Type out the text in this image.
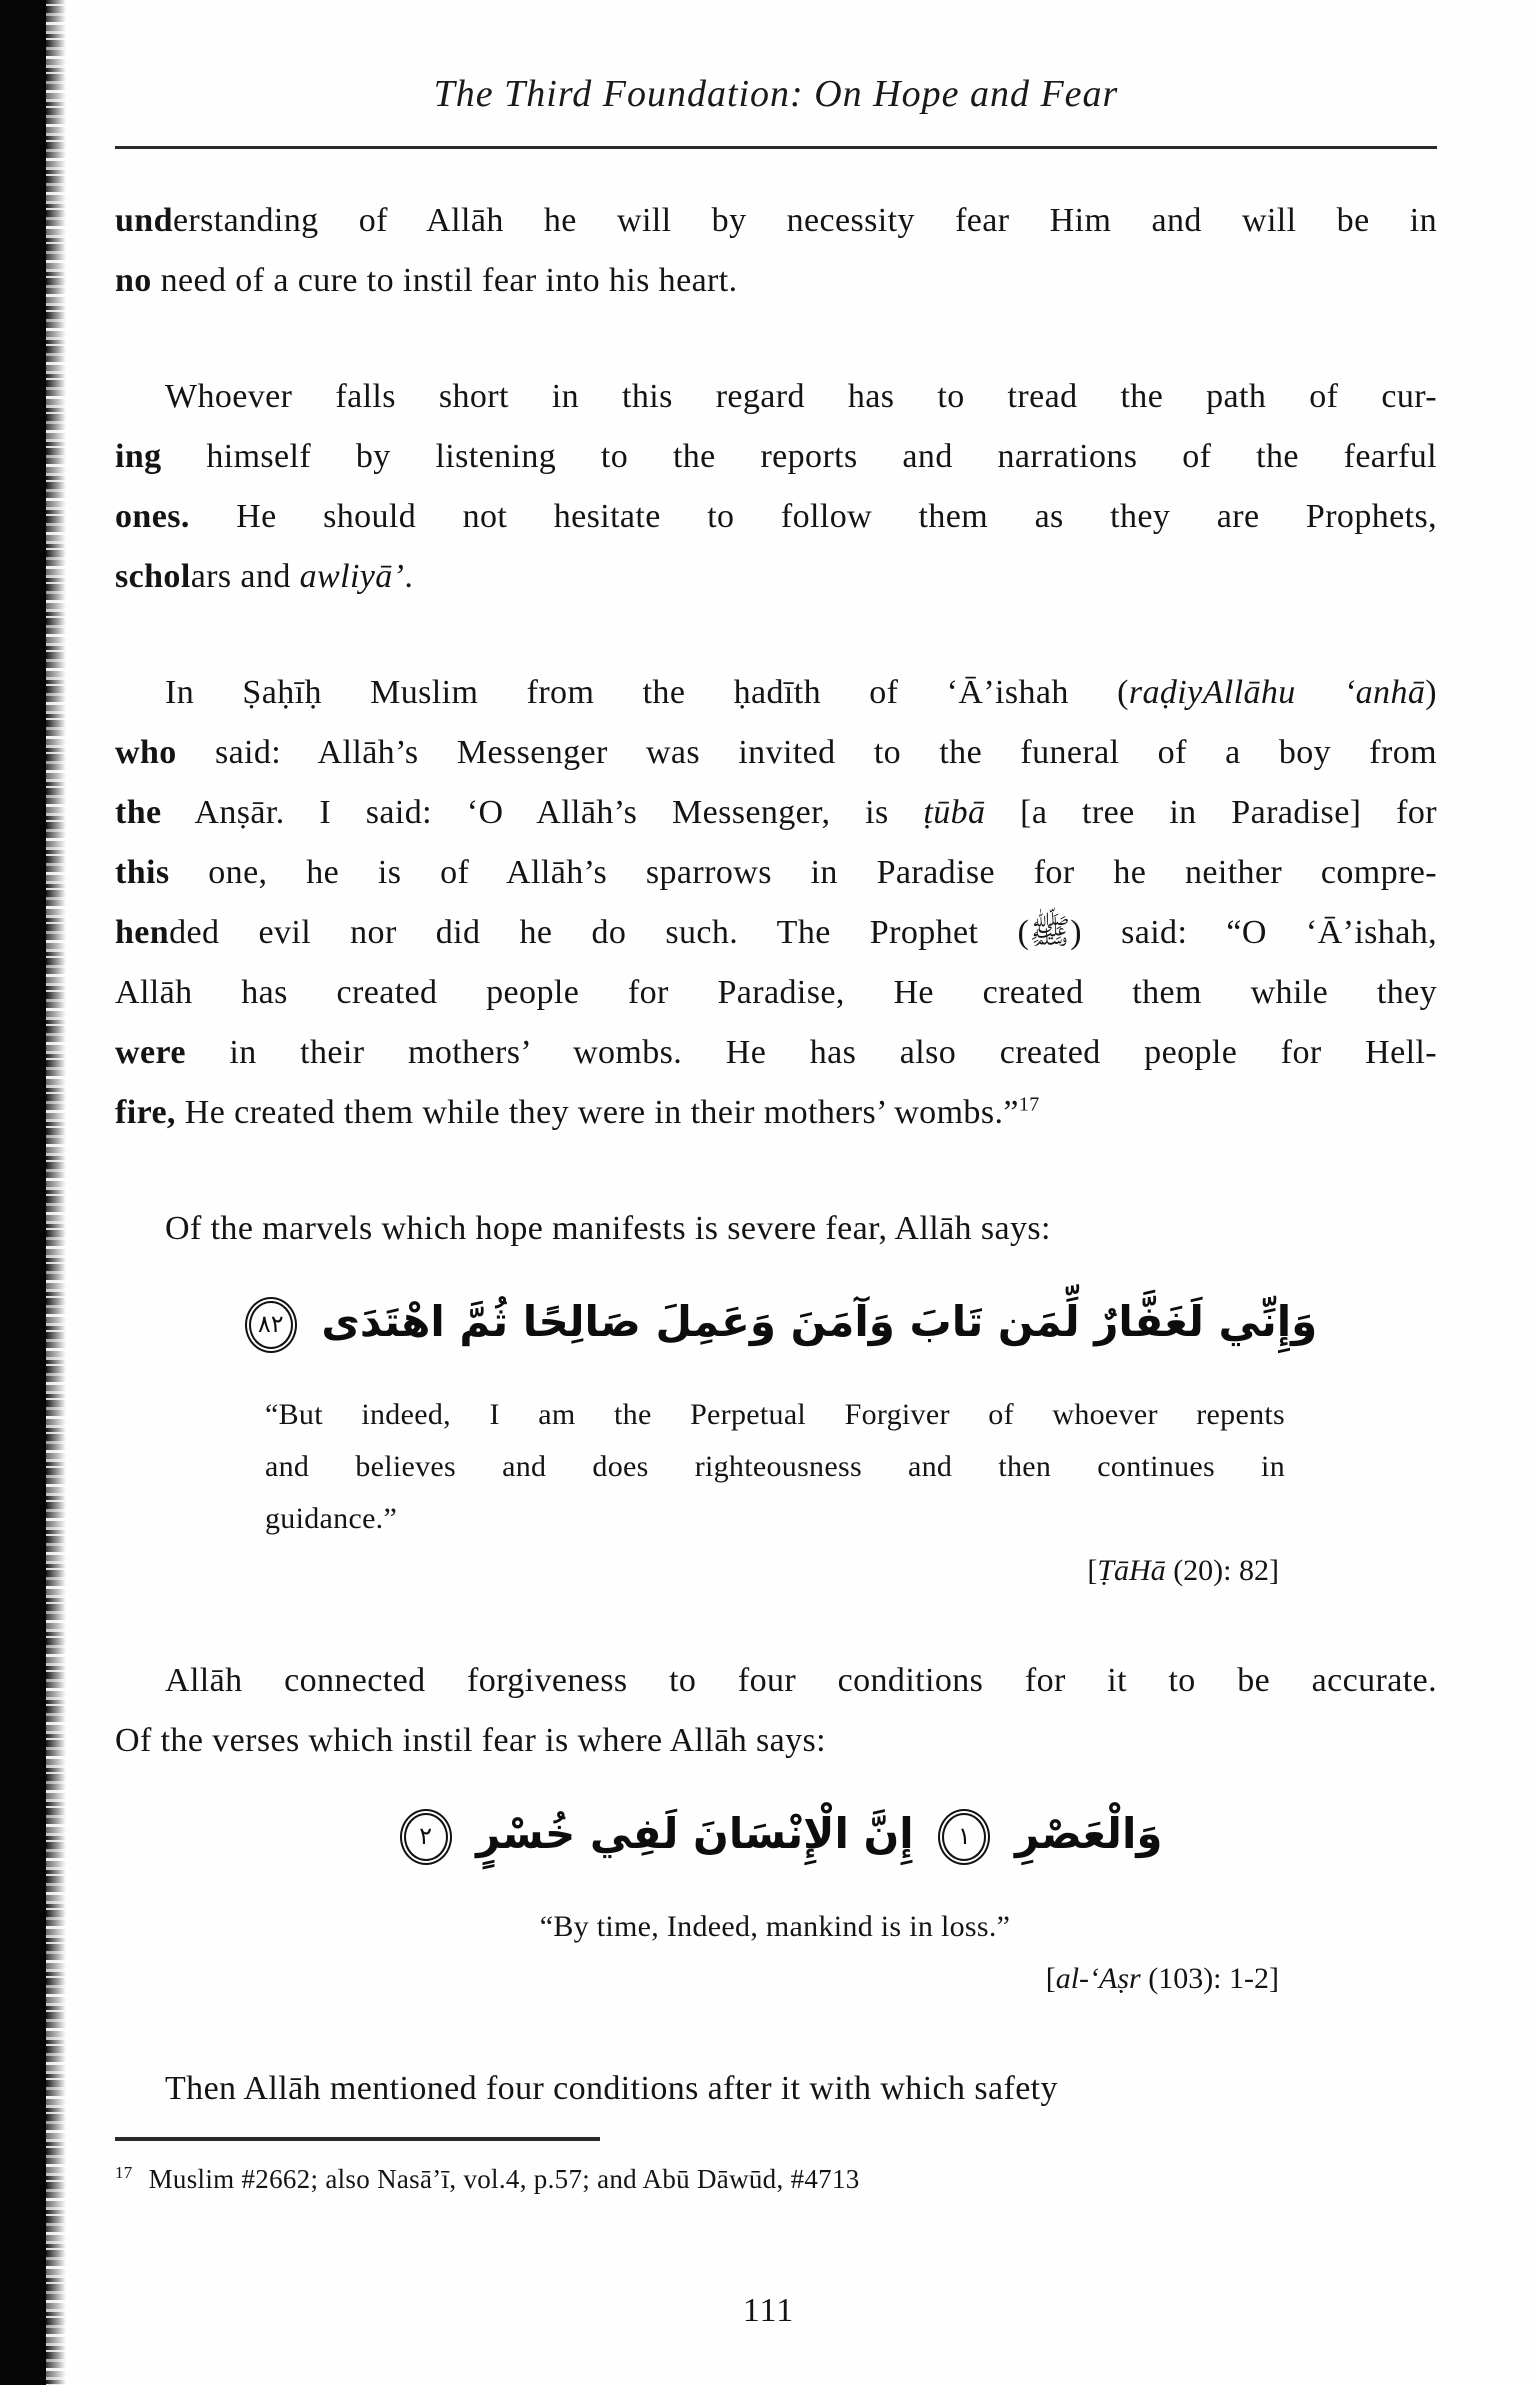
The Third Foundation: On Hope and Fear
understanding of Allāh he will by necessity fear Him and will be in
no need of a cure to instil fear into his heart.
Whoever falls short in this regard has to tread the path of cur-
ing himself by listening to the reports and narrations of the fearful
ones. He should not hesitate to follow them as they are Prophets,
scholars and awliyā’.
In Ṣaḥīḥ Muslim from the ḥadīth of ‘Ā’ishah (raḍiyAllāhu ‘anhā)
who said: Allāh’s Messenger was invited to the funeral of a boy from
the Anṣār. I said: ‘O Allāh’s Messenger, is ṭūbā [a tree in Paradise] for
this one, he is of Allāh’s sparrows in Paradise for he neither compre-
hended evil nor did he do such. The Prophet (ﷺ) said: “O ‘Ā’ishah,
Allāh has created people for Paradise, He created them while they
were in their mothers’ wombs. He has also created people for Hell-
fire, He created them while they were in their mothers’ wombs.”$^{17}$
Of the marvels which hope manifests is severe fear, Allāh says:
وَإِنِّي لَغَفَّارٌ لِّمَن تَابَ وَآمَنَ وَعَمِلَ صَالِحًا ثُمَّ اهْتَدَى ٨٢
“But indeed, I am the Perpetual Forgiver of whoever repents
and believes and does righteousness and then continues in
guidance.”
[ṬāHā (20): 82]
Allāh connected forgiveness to four conditions for it to be accurate.
Of the verses which instil fear is where Allāh says:
وَالْعَصْرِ ١ إِنَّ الْإِنْسَانَ لَفِي خُسْرٍ ٢
“By time, Indeed, mankind is in loss.”
[al-‘Aṣr (103): 1-2]
Then Allāh mentioned four conditions after it with which safety
$^{17}$ Muslim #2662; also Nasā’ī, vol.4, p.57; and Abū Dāwūd, #4713
111
